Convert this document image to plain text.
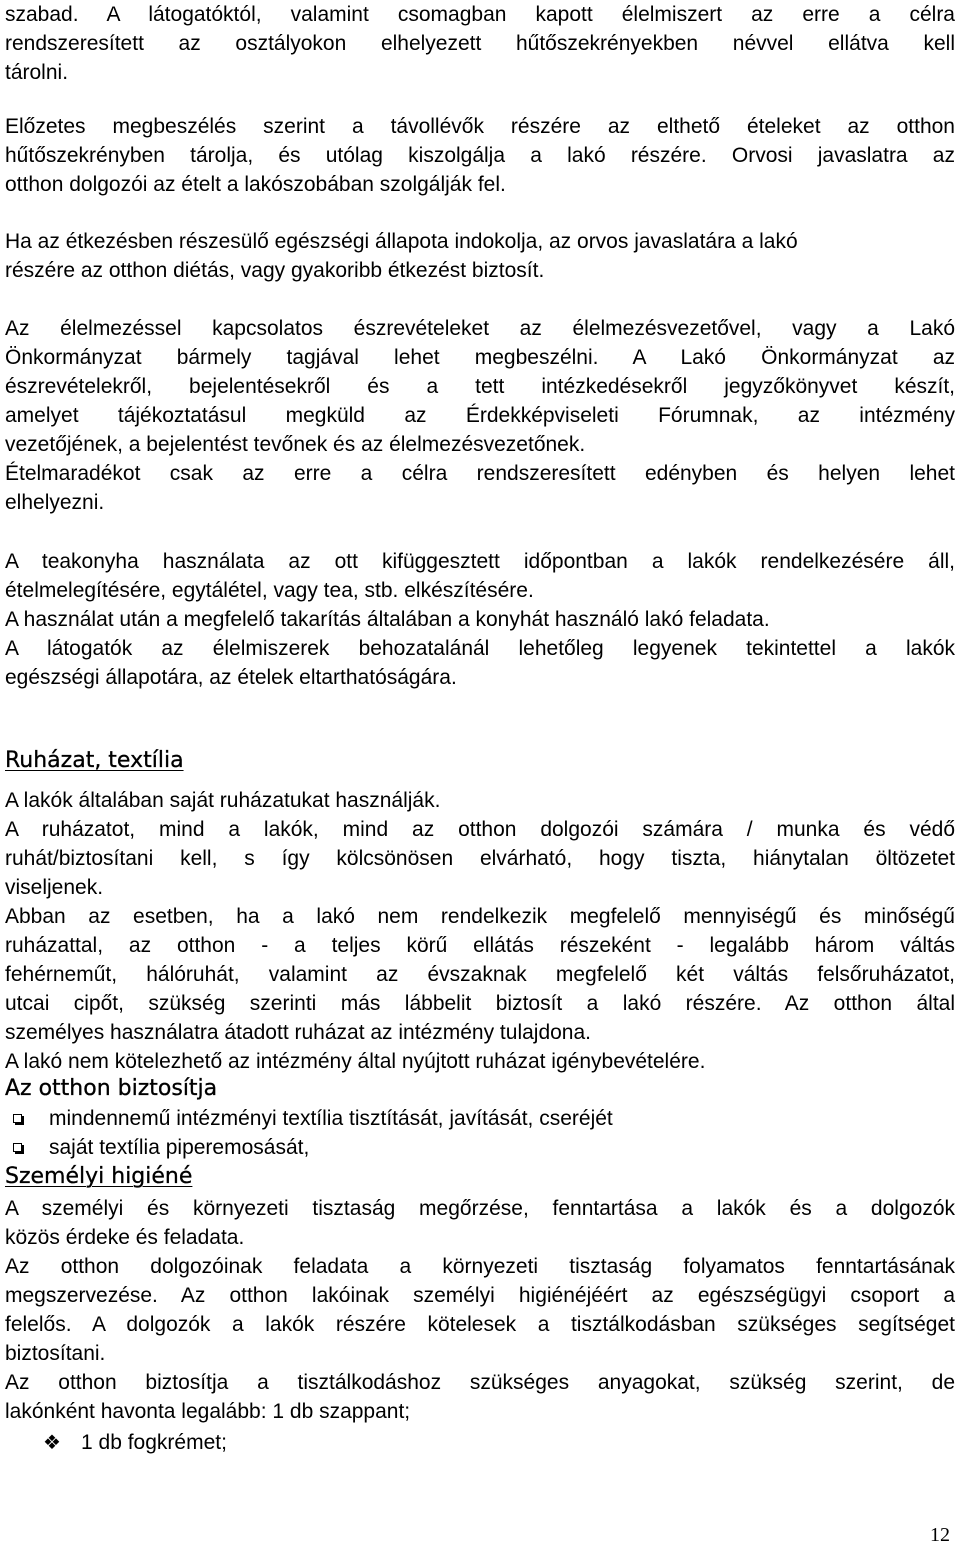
szabad. A látogatóktól, valamint csomagban kapott élelmiszert az erre a célra
rendszeresített az osztályokon elhelyezett hűtőszekrényekben névvel ellátva kell
tárolni.
Előzetes megbeszélés szerint a távollévők részére az elthető ételeket az otthon
hűtőszekrényben tárolja, és utólag kiszolgálja a lakó részére. Orvosi javaslatra az
otthon dolgozói az ételt a lakószobában szolgálják fel.
Ha az étkezésben részesülő egészségi állapota indokolja, az orvos javaslatára a lakó
részére az otthon diétás, vagy gyakoribb étkezést biztosít.
Az élelmezéssel kapcsolatos észrevételeket az élelmezésvezetővel, vagy a Lakó
Önkormányzat bármely tagjával lehet megbeszélni. A Lakó Önkormányzat az
észrevételekről, bejelentésekről és a tett intézkedésekről jegyzőkönyvet készít,
amelyet tájékoztatásul megküld az Érdekképviseleti Fórumnak, az intézmény
vezetőjének, a bejelentést tevőnek és az élelmezésvezetőnek.
Ételmaradékot csak az erre a célra rendszeresített edényben és helyen lehet
elhelyezni.
A teakonyha használata az ott kifüggesztett időpontban a lakók rendelkezésére áll,
ételmelegítésére, egytálétel, vagy tea, stb. elkészítésére.
A használat után a megfelelő takarítás általában a konyhát használó lakó feladata.
A látogatók az élelmiszerek behozatalánál lehetőleg legyenek tekintettel a lakók
egészségi állapotára, az ételek eltarthatóságára.
Ruházat, textília
A lakók általában saját ruházatukat használják.
A ruházatot, mind a lakók, mind az otthon dolgozói számára / munka és védő
ruhát/biztosítani kell, s így kölcsönösen elvárható, hogy tiszta, hiánytalan öltözetet
viseljenek.
Abban az esetben, ha a lakó nem rendelkezik megfelelő mennyiségű és minőségű
ruházattal, az otthon - a teljes körű ellátás részeként - legalább három váltás
fehérneműt, hálóruhát, valamint az évszaknak megfelelő két váltás felsőruházatot,
utcai cipőt, szükség szerinti más lábbelit biztosít a lakó részére. Az otthon által
személyes használatra átadott ruházat az intézmény tulajdona.
A lakó nem kötelezhető az intézmény által nyújtott ruházat igénybevételére.
Az otthon biztosítja
mindennemű intézményi textília tisztítását, javítását, cseréjét
saját textília piperemosását,
Személyi higiéné
A személyi és környezeti tisztaság megőrzése, fenntartása a lakók és a dolgozók
közös érdeke és feladata.
Az otthon dolgozóinak feladata a környezeti tisztaság folyamatos fenntartásának
megszervezése. Az otthon lakóinak személyi higiénéjéért az egészségügyi csoport a
felelős. A dolgozók a lakók részére kötelesek a tisztálkodásban szükséges segítséget
biztosítani.
Az otthon biztosítja a tisztálkodáshoz szükséges anyagokat, szükség szerint, de
lakónként havonta legalább: 1 db szappant;
❖ 1 db fogkrémet;
12
